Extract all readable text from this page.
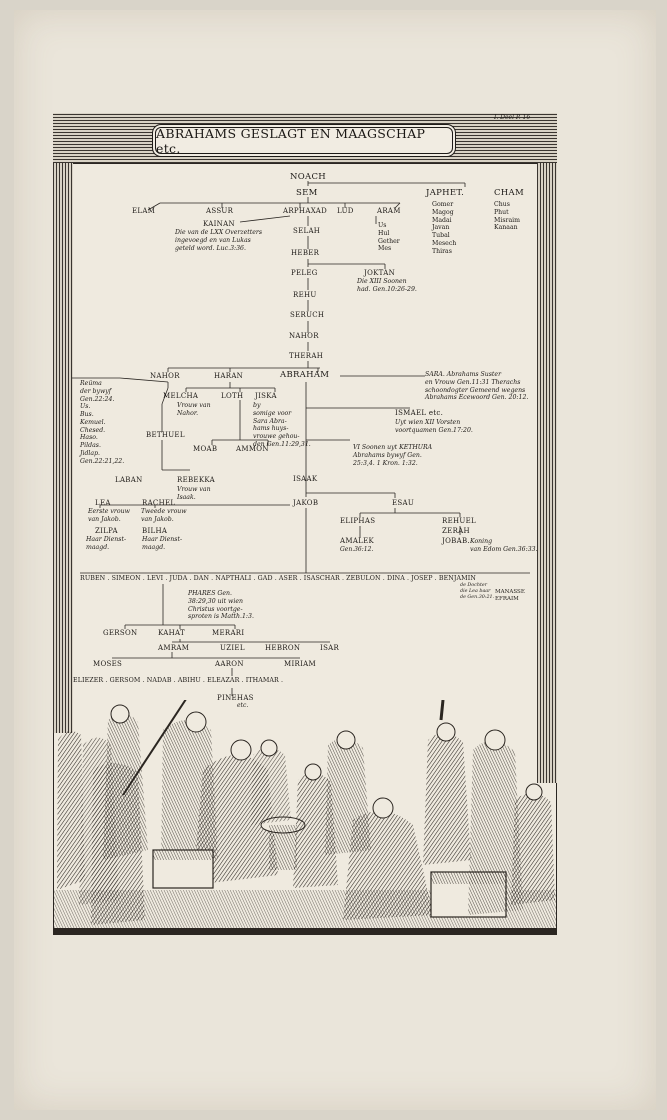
ABRAHAMS GESLAGT EN MAAGSCHAP etc.
I. Deel P. 16
NOACH
SEM	JAPHET.	CHAM
Gomer
Magog
Madai
Javan
Tubal
Mesech
Thiras
Chus
Phut
Misraim
Kanaan
ELAM	ASSUR	ARPHAXAD LUD	ARAM
Us
Hul
Gether
Mes
KAINAN
Die van de LXX Overzetters
ingevoegd en van Lukas
geteld word. Luc.3:36.
SELAH
HEBER
PELEG	JOKTAN
Die XIII Soonen
had. Gen.10:26-29.
REHU
SERUCH
NAHOR
THERAH
NAHOR	HARAN	ABRAHAM	SARA. Abrahams Suster
en Vrouw Gen.11:31 Therachs
schoondogter Gemeend wegens
Abrahams Ecewoord Gen. 20:12.
Reüma
der bywyf
Gen.22:24.
Us.
Bus.
Kemuel.
Chesed.
Haso.
Pildas.
Jidlap.
Gen.22:21,22.
MELCHA
Vrouw van
Nahor.
LOTH JISKA
by
somige voor
Sara Abra-
hams huys-
vrouwe gehou-
den Gen.11:29,31.
BETHUEL
MOAB	AMMON
ISMAEL etc.
Uyt wien XII Vorsten
voortquamen Gen.17:20.
VI Soonen uyt KETHURA
Abrahams bywyf Gen.
25:3,4. 1 Kron. 1:32.
LABAN	REBEKKA
Vrouw van
Isaak.
ISAAK
LEA
Eerste vrouw
van Jakob.
RACHEL
Tweede vrouw
van Jakob.
JAKOB	ESAU
ZILPA
Haar Dienst-
maagd.
BILHA
Haar Dienst-
maagd.
ELIPHAS	REHUEL
ZERAH
AMALEK
Gen.36:12.
JOBAB. Koning
van Edom Gen.36:33.
RUBEN . SIMEON . LEVI . JUDA . DAN . NAPTHALI . GAD . ASER . ISASCHAR . ZEBULON . DINA . JOSEP . BENJAMIN
de Dochter
die Lea baar
de Gen.30:21.
MANASSE
EFRAIM
PHARES Gen.
38:29,30 uit wien
Christus voortge-
sproten is Matth.1:3.
GERSON	KAHAT	MERARI
AMRAM	UZIEL	HEBRON	ISAR
MOSES	AARON	MIRIAM
ELIEZER . GERSOM . NADAB . ABIHU . ELEAZAR . ITHAMAR .
PINEHAS
etc.
